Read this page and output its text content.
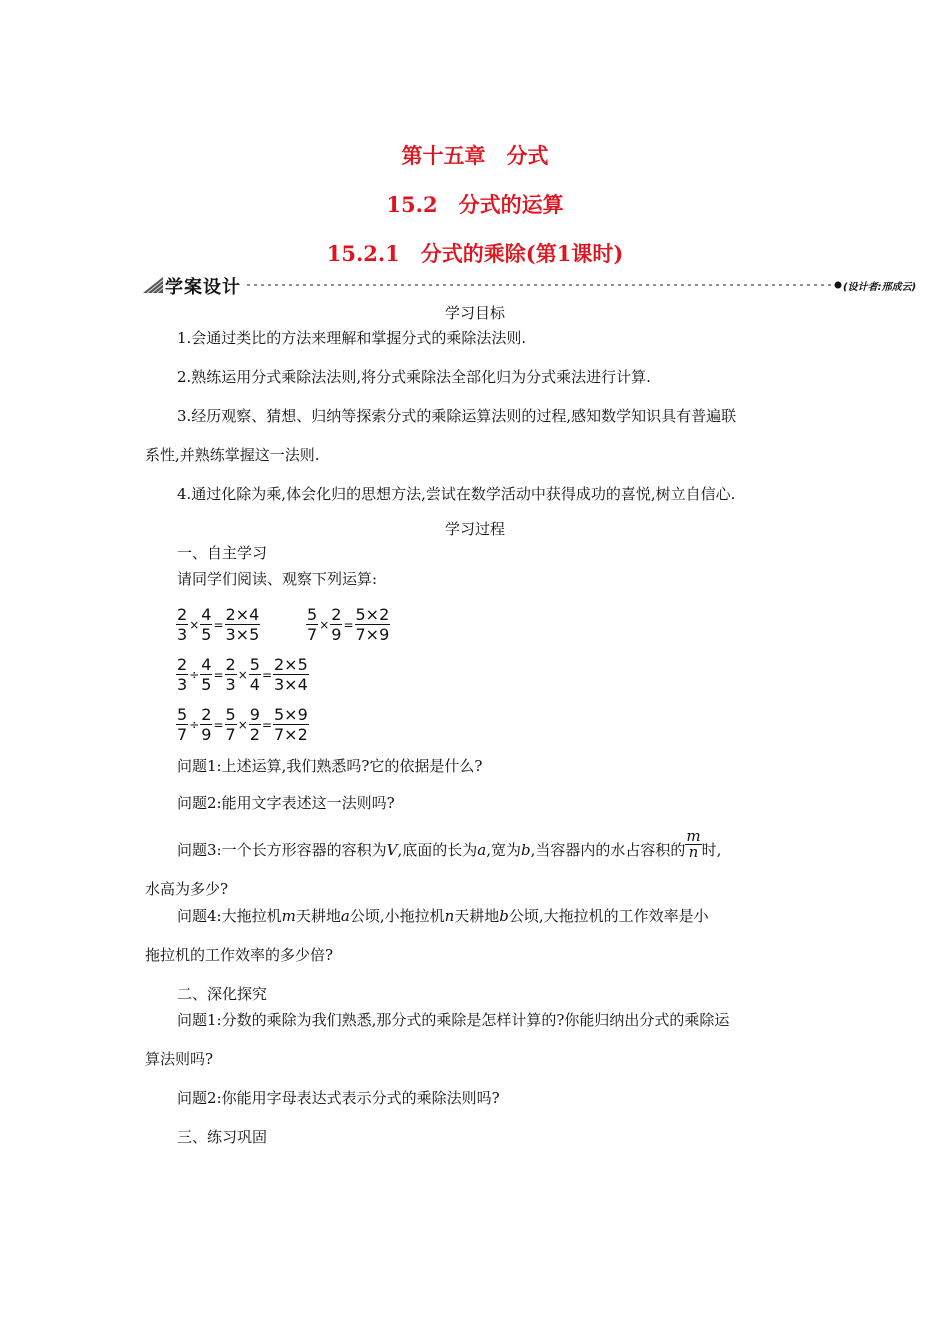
第十五章　分式
15.2　分式的运算
15.2.1　分式的乘除(第1课时)
学案设计	(设计者:邢成云)
学习目标
1.会通过类比的方法来理解和掌握分式的乘除法法则.
2.熟练运用分式乘除法法则,将分式乘除法全部化归为分式乘法进行计算.
3.经历观察、猜想、归纳等探索分式的乘除运算法则的过程,感知数学知识具有普遍联
系性,并熟练掌握这一法则.
4.通过化除为乘,体会化归的思想方法,尝试在数学活动中获得成功的喜悦,树立自信心.
学习过程
一、自主学习
请同学们阅读、观察下列运算:
$\frac{2}{3} \times \frac{4}{5} = \frac{2\times 4}{3\times 5}$	$\frac{5}{7} \times \frac{2}{9} = \frac{5\times 2}{7\times 9}$
$\frac{2}{3} \div \frac{4}{5} = \frac{2}{3} \times \frac{5}{4} = \frac{2\times 5}{3\times 4}$
$\frac{5}{7} \div \frac{2}{9} = \frac{5}{7} \times \frac{9}{2} = \frac{5\times 9}{7\times 2}$
问题1:上述运算,我们熟悉吗?它的依据是什么?
问题2:能用文字表述这一法则吗?
问题3:一个长方形容器的容积为V,底面的长为a,宽为b,当容器内的水占容积的 $\frac{m}{n}$ 时,
水高为多少?
问题4:大拖拉机m天耕地a公顷,小拖拉机n天耕地b公顷,大拖拉机的工作效率是小
拖拉机的工作效率的多少倍?
二、深化探究
问题1:分数的乘除为我们熟悉,那分式的乘除是怎样计算的?你能归纳出分式的乘除运
算法则吗?
问题2:你能用字母表达式表示分式的乘除法则吗?
三、练习巩固
